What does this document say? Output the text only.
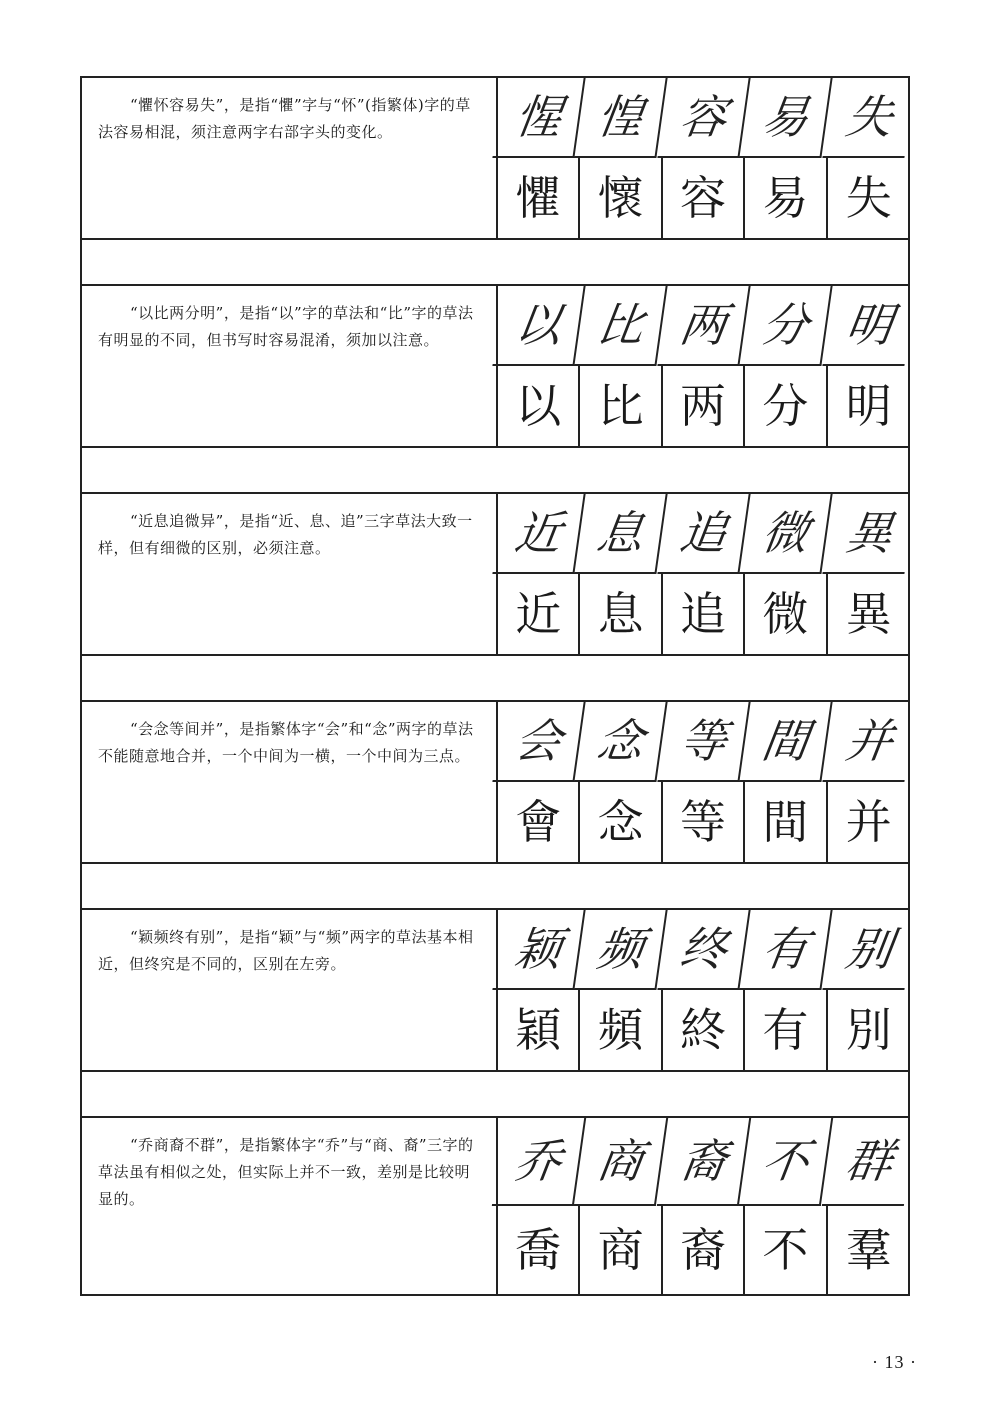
“懼怀容易失”，是指“懼”字与“怀”(指繁体)字的草法容易相混，须注意两字右部字头的变化。	惺 惶 容 易 失
懼 懷 容 易 失
“以比两分明”，是指“以”字的草法和“比”字的草法有明显的不同，但书写时容易混淆，须加以注意。	以 比 两 分 明
以 比 两 分 明
“近息追微异”，是指“近、息、追”三字草法大致一样，但有细微的区别，必须注意。	近 息 追 微 異
近 息 追 微 異
“会念等间并”，是指繁体字“会”和“念”两字的草法不能随意地合并，一个中间为一横，一个中间为三点。 会 念 等 間 并
會 念 等 間 并
“颖频终有别”，是指“颖”与“频”两字的草法基本相近，但终究是不同的，区别在左旁。	颖 频 终 有 别
穎 頻 終 有 別
“乔商裔不群”，是指繁体字“乔”与“商、裔”三字的草法虽有相似之处，但实际上并不一致，差别是比较明显的。
乔 商 裔 不 群
喬 商 裔 不 羣
· 13 ·
